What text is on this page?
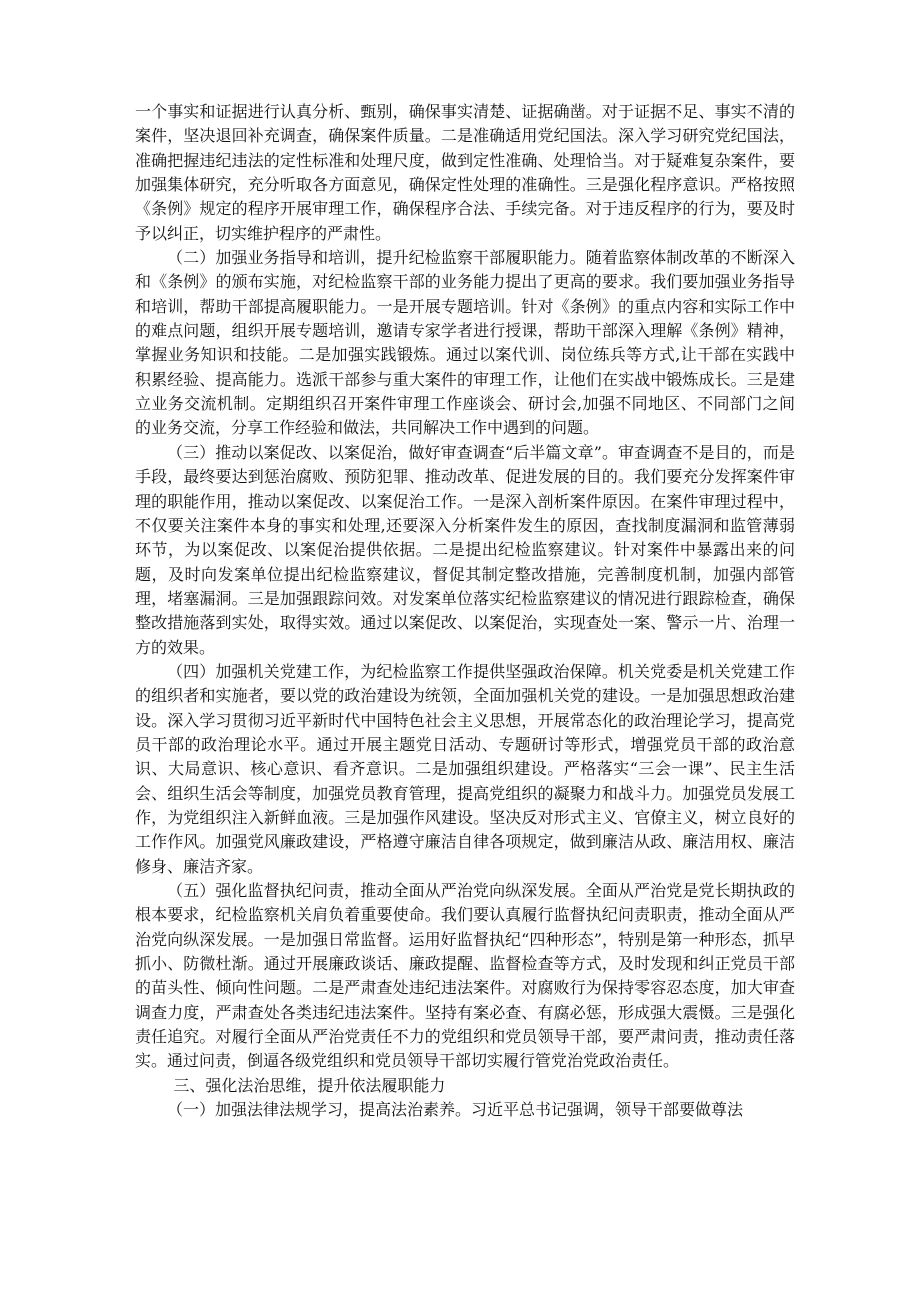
一个事实和证据进行认真分析、甄别，确保事实清楚、证据确凿。对于证据不足、事实不清的案件，坚决退回补充调查，确保案件质量。二是准确适用党纪国法。深入学习研究党纪国法，准确把握违纪违法的定性标准和处理尺度，做到定性准确、处理恰当。对于疑难复杂案件，要加强集体研究，充分听取各方面意见，确保定性处理的准确性。三是强化程序意识。严格按照《条例》规定的程序开展审理工作，确保程序合法、手续完备。对于违反程序的行为，要及时予以纠正，切实维护程序的严肃性。

（二）加强业务指导和培训，提升纪检监察干部履职能力。随着监察体制改革的不断深入和《条例》的颁布实施，对纪检监察干部的业务能力提出了更高的要求。我们要加强业务指导和培训，帮助干部提高履职能力。一是开展专题培训。针对《条例》的重点内容和实际工作中的难点问题，组织开展专题培训，邀请专家学者进行授课，帮助干部深入理解《条例》精神，掌握业务知识和技能。二是加强实践锻炼。通过以案代训、岗位练兵等方式,让干部在实践中积累经验、提高能力。选派干部参与重大案件的审理工作，让他们在实战中锻炼成长。三是建立业务交流机制。定期组织召开案件审理工作座谈会、研讨会,加强不同地区、不同部门之间的业务交流，分享工作经验和做法，共同解决工作中遇到的问题。

（三）推动以案促改、以案促治，做好审查调查“后半篇文章”。审查调查不是目的，而是手段，最终要达到惩治腐败、预防犯罪、推动改革、促进发展的目的。我们要充分发挥案件审理的职能作用，推动以案促改、以案促治工作。一是深入剖析案件原因。在案件审理过程中，不仅要关注案件本身的事实和处理,还要深入分析案件发生的原因，查找制度漏洞和监管薄弱环节，为以案促改、以案促治提供依据。二是提出纪检监察建议。针对案件中暴露出来的问题，及时向发案单位提出纪检监察建议，督促其制定整改措施，完善制度机制，加强内部管理，堵塞漏洞。三是加强跟踪问效。对发案单位落实纪检监察建议的情况进行跟踪检查，确保整改措施落到实处，取得实效。通过以案促改、以案促治，实现查处一案、警示一片、治理一方的效果。

（四）加强机关党建工作，为纪检监察工作提供坚强政治保障。机关党委是机关党建工作的组织者和实施者，要以党的政治建设为统领，全面加强机关党的建设。一是加强思想政治建设。深入学习贯彻习近平新时代中国特色社会主义思想，开展常态化的政治理论学习，提高党员干部的政治理论水平。通过开展主题党日活动、专题研讨等形式，增强党员干部的政治意识、大局意识、核心意识、看齐意识。二是加强组织建设。严格落实“三会一课”、民主生活会、组织生活会等制度，加强党员教育管理，提高党组织的凝聚力和战斗力。加强党员发展工作，为党组织注入新鲜血液。三是加强作风建设。坚决反对形式主义、官僚主义，树立良好的工作作风。加强党风廉政建设，严格遵守廉洁自律各项规定，做到廉洁从政、廉洁用权、廉洁修身、廉洁齐家。

（五）强化监督执纪问责，推动全面从严治党向纵深发展。全面从严治党是党长期执政的根本要求，纪检监察机关肩负着重要使命。我们要认真履行监督执纪问责职责，推动全面从严治党向纵深发展。一是加强日常监督。运用好监督执纪“四种形态”，特别是第一种形态，抓早抓小、防微杜渐。通过开展廉政谈话、廉政提醒、监督检查等方式，及时发现和纠正党员干部的苗头性、倾向性问题。二是严肃查处违纪违法案件。对腐败行为保持零容忍态度，加大审查调查力度，严肃查处各类违纪违法案件。坚持有案必查、有腐必惩，形成强大震慑。三是强化责任追究。对履行全面从严治党责任不力的党组织和党员领导干部，要严肃问责，推动责任落实。通过问责，倒逼各级党组织和党员领导干部切实履行管党治党政治责任。

三、强化法治思维，提升依法履职能力

（一）加强法律法规学习，提高法治素养。习近平总书记强调，领导干部要做尊法
